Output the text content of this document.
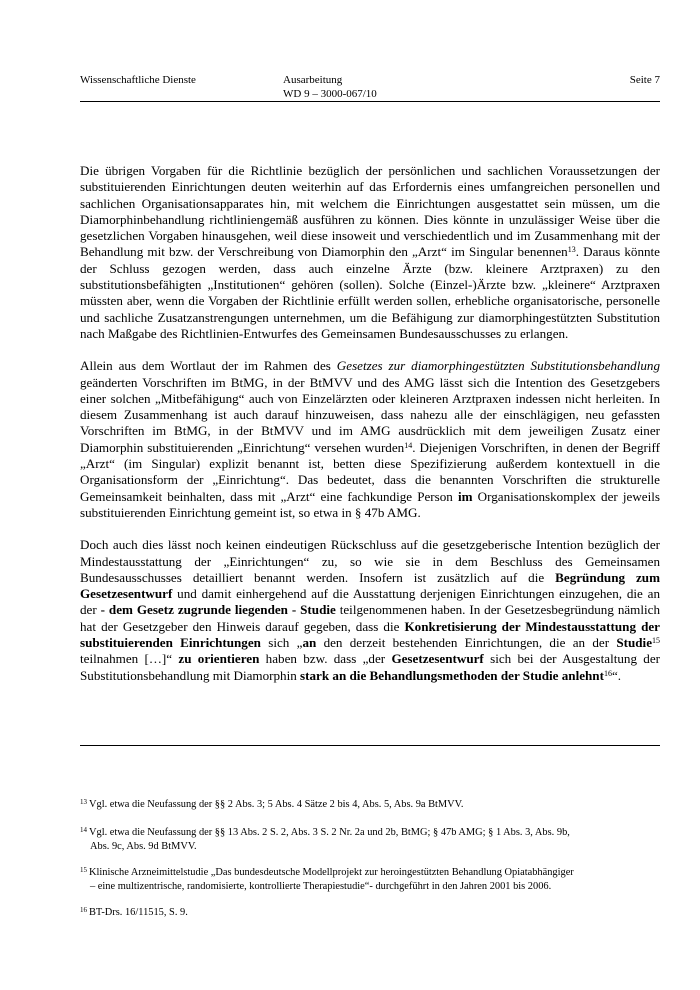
Wissenschaftliche Dienste	Ausarbeitung
WD 9 – 3000-067/10
Seite 7

Die übrigen Vorgaben für die Richtlinie bezüglich der persönlichen und sachlichen Voraussetzungen der substituierenden Einrichtungen deuten weiterhin auf das Erfordernis eines umfangreichen personellen und sachlichen Organisationsapparates hin, mit welchem die Einrichtungen ausgestattet sein müssen, um die Diamorphinbehandlung richtliniengemäß ausführen zu können. Dies könnte in unzulässiger Weise über die gesetzlichen Vorgaben hinausgehen, weil diese insoweit und verschiedentlich und im Zusammenhang mit der Behandlung mit bzw. der Verschreibung von Diamorphin den „Arzt“ im Singular benennen$^{13}$. Daraus könnte der Schluss gezogen werden, dass auch einzelne Ärzte (bzw. kleinere Arztpraxen) zu den substitutionsbefähigten „Institutionen“ gehören (sollen). Solche (Einzel-)Ärzte bzw. „kleinere“ Arztpraxen müssten aber, wenn die Vorgaben der Richtlinie erfüllt werden sollen, erhebliche organisatorische, personelle und sachliche Zusatzanstrengungen unternehmen, um die Befähigung zur diamorphingestützten Substitution nach Maßgabe des Richtlinien-Entwurfes des Gemeinsamen Bundesausschusses zu erlangen.

Allein aus dem Wortlaut der im Rahmen des Gesetzes zur diamorphingestützten Substitutionsbehandlung geänderten Vorschriften im BtMG, in der BtMVV und des AMG lässt sich die Intention des Gesetzgebers einer solchen „Mitbefähigung“ auch von Einzelärzten oder kleineren Arztpraxen indessen nicht herleiten. In diesem Zusammenhang ist auch darauf hinzuweisen, dass nahezu alle der einschlägigen, neu gefassten Vorschriften im BtMG, in der BtMVV und im AMG ausdrücklich mit dem jeweiligen Zusatz einer Diamorphin substituierenden „Einrichtung“ versehen wurden$^{14}$. Diejenigen Vorschriften, in denen der Begriff „Arzt“ (im Singular) explizit benannt ist, betten diese Spezifizierung außerdem kontextuell in die Organisationsform der „Einrichtung“. Das bedeutet, dass die benannten Vorschriften die strukturelle Gemeinsamkeit beinhalten, dass mit „Arzt“ eine fachkundige Person im Organisationskomplex der jeweils substituierenden Einrichtung gemeint ist, so etwa in § 47b AMG.

Doch auch dies lässt noch keinen eindeutigen Rückschluss auf die gesetzgeberische Intention bezüglich der Mindestausstattung der „Einrichtungen“ zu, so wie sie in dem Beschluss des Gemeinsamen Bundesausschusses detailliert benannt werden. Insofern ist zusätzlich auf die Begründung zum Gesetzesentwurf und damit einhergehend auf die Ausstattung derjenigen Einrichtungen einzugehen, die an der - dem Gesetz zugrunde liegenden - Studie teilgenommenen haben. In der Gesetzesbegründung nämlich hat der Gesetzgeber den Hinweis darauf gegeben, dass die Konkretisierung der Mindestausstattung der substituierenden Einrichtungen sich „an den derzeit bestehenden Einrichtungen, die an der Studie$^{15}$ teilnahmen […]“ zu orientieren haben bzw. dass „der Gesetzesentwurf sich bei der Ausgestaltung der Substitutionsbehandlung mit Diamorphin stark an die Behandlungsmethoden der Studie anlehnt$^{16}$“.

$^{13}$ Vgl. etwa die Neufassung der §§ 2 Abs. 3; 5 Abs. 4 Sätze 2 bis 4, Abs. 5, Abs. 9a BtMVV.
$^{14}$ Vgl. etwa die Neufassung der §§ 13 Abs. 2 S. 2, Abs. 3 S. 2 Nr. 2a und 2b, BtMG; § 47b AMG; § 1 Abs. 3, Abs. 9b,
Abs. 9c, Abs. 9d BtMVV.
$^{15}$ Klinische Arzneimittelstudie „Das bundesdeutsche Modellprojekt zur heroingestützten Behandlung Opiatabhängiger
– eine multizentrische, randomisierte, kontrollierte Therapiestudie“- durchgeführt in den Jahren 2001 bis 2006.
$^{16}$ BT-Drs. 16/11515, S. 9.
